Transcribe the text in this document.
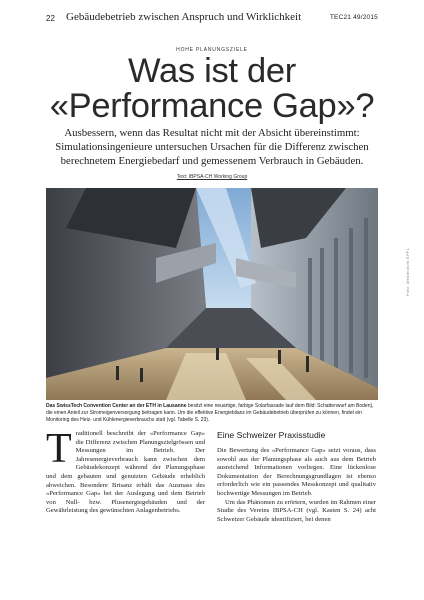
22 Gebäudebetrieb zwischen Anspruch und Wirklichkeit	TEC21 49/2015
HOHE PLANUNGSZIELE
Was ist der
«Performance Gap»?
Ausbessern, wenn das Resultat nicht mit der Absicht übereinstimmt: Simulationsingenieure untersuchen Ursachen für die Differenz zwischen berechnetem Energiebedarf und gemessenem Verbrauch in Gebäuden.
Text: IBPSA-CH Working Group
Foto: Medienlicht EPFL
Das SwissTech Convention Center an der ETH in Lausanne besitzt eine neuartige, farbige Solarfassade lauf dem Bild: Schattenwurf am Boden), die einen Anteil zur Stromeigenversorgung beitragen kann. Um die effektive Energiebilanz im Gebäudebetrieb überprüfen zu können, findet ein Monitoring des Heiz- und Kühlenergieverbrauchs statt (vgl. Tabelle S. 23).
T raditionell beschreibt der «Performance Gap» die Differenz zwischen Planungszielgrössen und Messungen im Betrieb. Der Jahresenergieverbrauch kann zwischen dem Gebäudekonzept während der Planungsphase und dem gebauten und genutzten Gebäude erheblich abweichen. Besondere Brisanz erhält das Ausmass des «Performance Gap» bei der Auslegung und dem Betrieb von Null- bzw. Plusenergiegebäuden und der Gewährleistung des gewünschten Anlagenbetriebs.

Eine Schweizer Praxisstudie

Die Bewertung des «Performance Gap» setzt voraus, dass sowohl aus der Planungsphase als auch aus dem Betrieb ausreichend Informationen vorliegen. Eine lückenlose Dokumentation der Berechnungsgrundlagen ist ebenso erforderlich wie ein passendes Messkonzept und qualitativ hochwertige Messungen im Betrieb.

Um das Phänomen zu erörtern, wurden im Rahmen einer Studie des Vereins IBPSA-CH (vgl. Kasten S. 24) acht Schweizer Gebäude identifiziert, bei denen
